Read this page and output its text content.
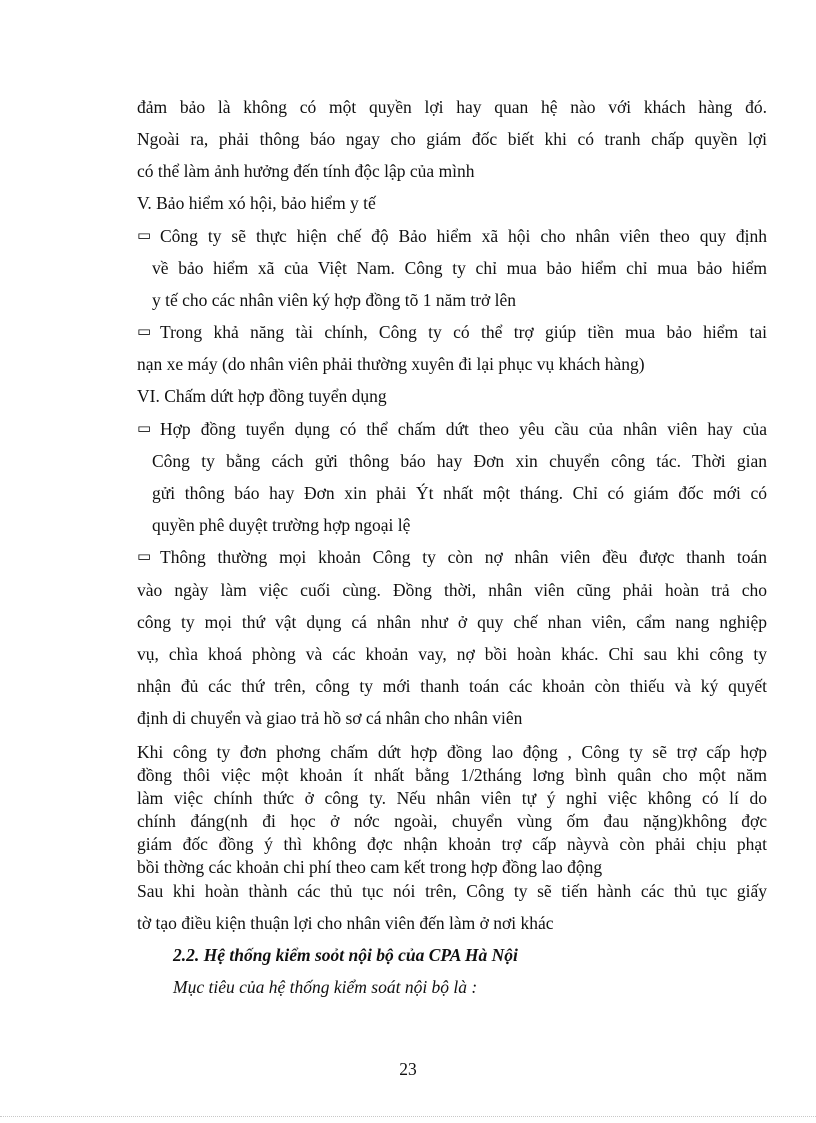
đảm bảo là không có một quyền lợi hay quan hệ nào với khách hàng đó.
Ngoài ra, phải thông báo ngay cho giám đốc biết khi có tranh chấp quyền lợi
có thể làm ảnh hưởng đến tính độc lập của mình
V. Bảo hiểm xó hội, bảo hiểm y tế
▭ Công ty sẽ thực hiện chế độ Bảo hiểm xã hội cho nhân viên theo quy định
về bảo hiểm xã của Việt Nam. Công ty chỉ mua bảo hiểm chỉ mua bảo hiểm
y tế cho các nhân viên ký hợp đồng tõ 1 năm trở lên
▭ Trong khả năng tài chính, Công ty có thể trợ giúp tiền mua bảo hiểm tai
nạn xe máy (do nhân viên phải thường xuyên đi lại phục vụ khách hàng)
VI. Chấm dứt hợp đồng tuyển dụng
▭ Hợp đồng tuyển dụng có thể chấm dứt theo yêu cầu của nhân viên hay của
Công ty bằng cách gửi thông báo hay Đơn xin chuyển công tác. Thời gian
gửi thông báo hay Đơn xin phải Ýt nhất một tháng. Chỉ có giám đốc mới có
quyền phê duyệt trường hợp ngoại lệ
▭ Thông thường mọi khoản Công ty còn nợ nhân viên đều được thanh toán
vào ngày làm việc cuối cùng. Đồng thời, nhân viên cũng phải hoàn trả cho
công ty mọi thứ vật dụng cá nhân như ở quy chế nhan viên, cẩm nang nghiệp
vụ, chìa khoá phòng và các khoản vay, nợ bồi hoàn khác. Chỉ sau khi công ty
nhận đủ các thứ trên, công ty mới thanh toán các khoản còn thiếu và ký quyết
định di chuyển và giao trả hồ sơ cá nhân cho nhân viên
Khi công ty đơn phơng chấm dứt hợp đồng lao động , Công ty sẽ trợ cấp hợp
đồng thôi việc một khoản ít nhất bằng 1/2tháng lơng bình quân cho một năm
làm việc chính thức ở công ty. Nếu nhân viên tự ý nghỉ việc không có lí do
chính đáng(nh đi học ở nớc ngoài, chuyển vùng ốm đau nặng)không đợc
giám đốc đồng ý thì không đợc nhận khoản trợ cấp nàyvà còn phải chịu phạt
bồi thờng các khoản chi phí theo cam kết trong hợp đồng lao động
Sau khi hoàn thành các thủ tục nói trên, Công ty sẽ tiến hành các thủ tục giấy
tờ tạo điều kiện thuận lợi cho nhân viên đến làm ở nơi khác
2.2. Hệ thống kiểm soỏt nội bộ của CPA Hà Nội
Mục tiêu của hệ thống kiểm soát nội bộ là :
23
